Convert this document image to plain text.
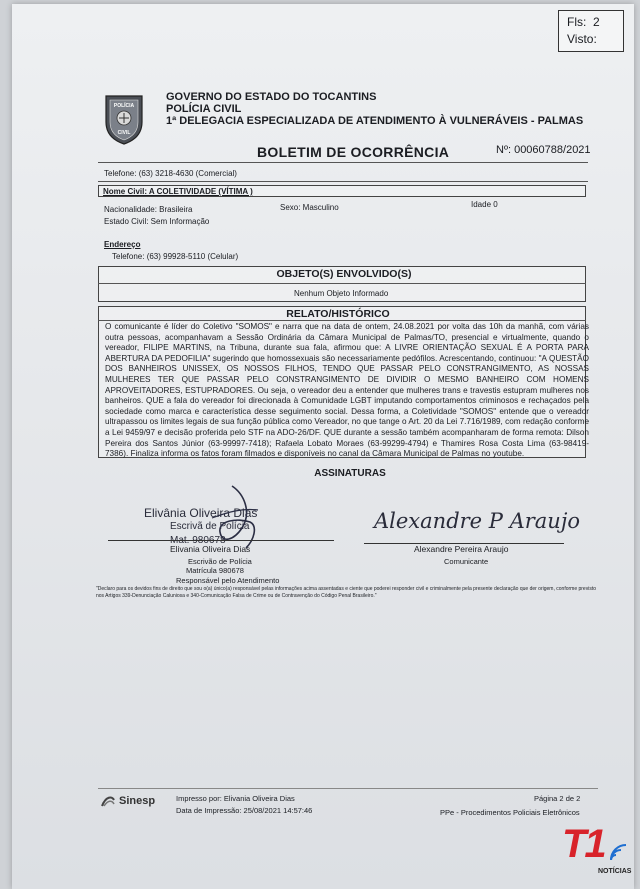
Fls: 2
Visto:
POLÍCIA
CIVIL
GOVERNO DO ESTADO DO TOCANTINS
POLÍCIA CIVIL
1ª DELEGACIA ESPECIALIZADA DE ATENDIMENTO À VULNERÁVEIS - PALMAS
BOLETIM DE OCORRÊNCIA	Nº: 00060788/2021
Telefone: (63) 3218-4630 (Comercial)
Nome Civil: A COLETIVIDADE (VÍTIMA )
Nacionalidade: Brasileira	Sexo: Masculino	Idade 0
Estado Civil: Sem Informação
Endereço
Telefone: (63) 99928-5110 (Celular)
OBJETO(S) ENVOLVIDO(S)
Nenhum Objeto Informado
RELATO/HISTÓRICO
O comunicante é líder do Coletivo "SOMOS" e narra que na data de ontem, 24.08.2021 por volta das 10h da manhã, com várias outra pessoas, acompanhavam a Sessão Ordinária da Câmara Municipal de Palmas/TO, presencial e virtualmente, quando o vereador, FILIPE MARTINS, na Tribuna, durante sua fala, afirmou que: A LIVRE ORIENTAÇÃO SEXUAL É A PORTA PARA ABERTURA DA PEDOFILIA" sugerindo que homossexuais são necessariamente pedófilos. Acrescentando, continuou: "A QUESTÃO DOS BANHEIROS UNISSEX, OS NOSSOS FILHOS, TENDO QUE PASSAR PELO CONSTRANGIMENTO, AS NOSSAS MULHERES TER QUE PASSAR PELO CONSTRANGIMENTO DE DIVIDIR O MESMO BANHEIRO COM HOMENS APROVEITADORES, ESTUPRADORES. Ou seja, o vereador deu a entender que mulheres trans e travestis estupram mulheres nos banheiros. QUE a fala do vereador foi direcionada à Comunidade LGBT imputando comportamentos criminosos e rechaçados pela sociedade como marca e característica desse seguimento social. Dessa forma, a Coletividade "SOMOS" entende que o vereador ultrapassou os limites legais de sua função pública como Vereador, no que tange o Art. 20 da Lei 7.716/1989, com redação conforme a Lei 9459/97 e decisão proferida pelo STF na ADO-26/DF. QUE durante a sessão também acompanharam de forma remota: Dilson Pereira dos Santos Júnior (63-99997-7418); Rafaela Lobato Moraes (63-99299-4794) e Thamires Rosa Costa Lima (63-98419-7386). Finaliza informa os fatos foram filmados e disponíveis no canal da Câmara Municipal de Palmas no youtube.
ASSINATURAS
Elivânia Oliveira Dias
Escrivã de Polícia
Elivania Oliveira Dias
Escrivão de Polícia
Matrícula 980678
Responsável pelo Atendimento
Alexandre P Araujo
Alexandre Pereira Araujo
Comunicante
"Declaro para os devidos fins de direito que sou o(a) único(a) responsável pelas informações acima assentadas e ciente que poderei responder civil e criminalmente pela presente declaração que der origem, conforme previsto nos Artigos 339-Denunciação Caluniosa e 340-Comunicação Falsa de Crime ou de Contravenção do Código Penal Brasileiro."
Sinesp	Impresso por: Elivania Oliveira Dias
Data de Impressão: 25/08/2021 14:57:46
Página 2 de 2
PPe - Procedimentos Policiais Eletrônicos
T1
NOTÍCIAS
